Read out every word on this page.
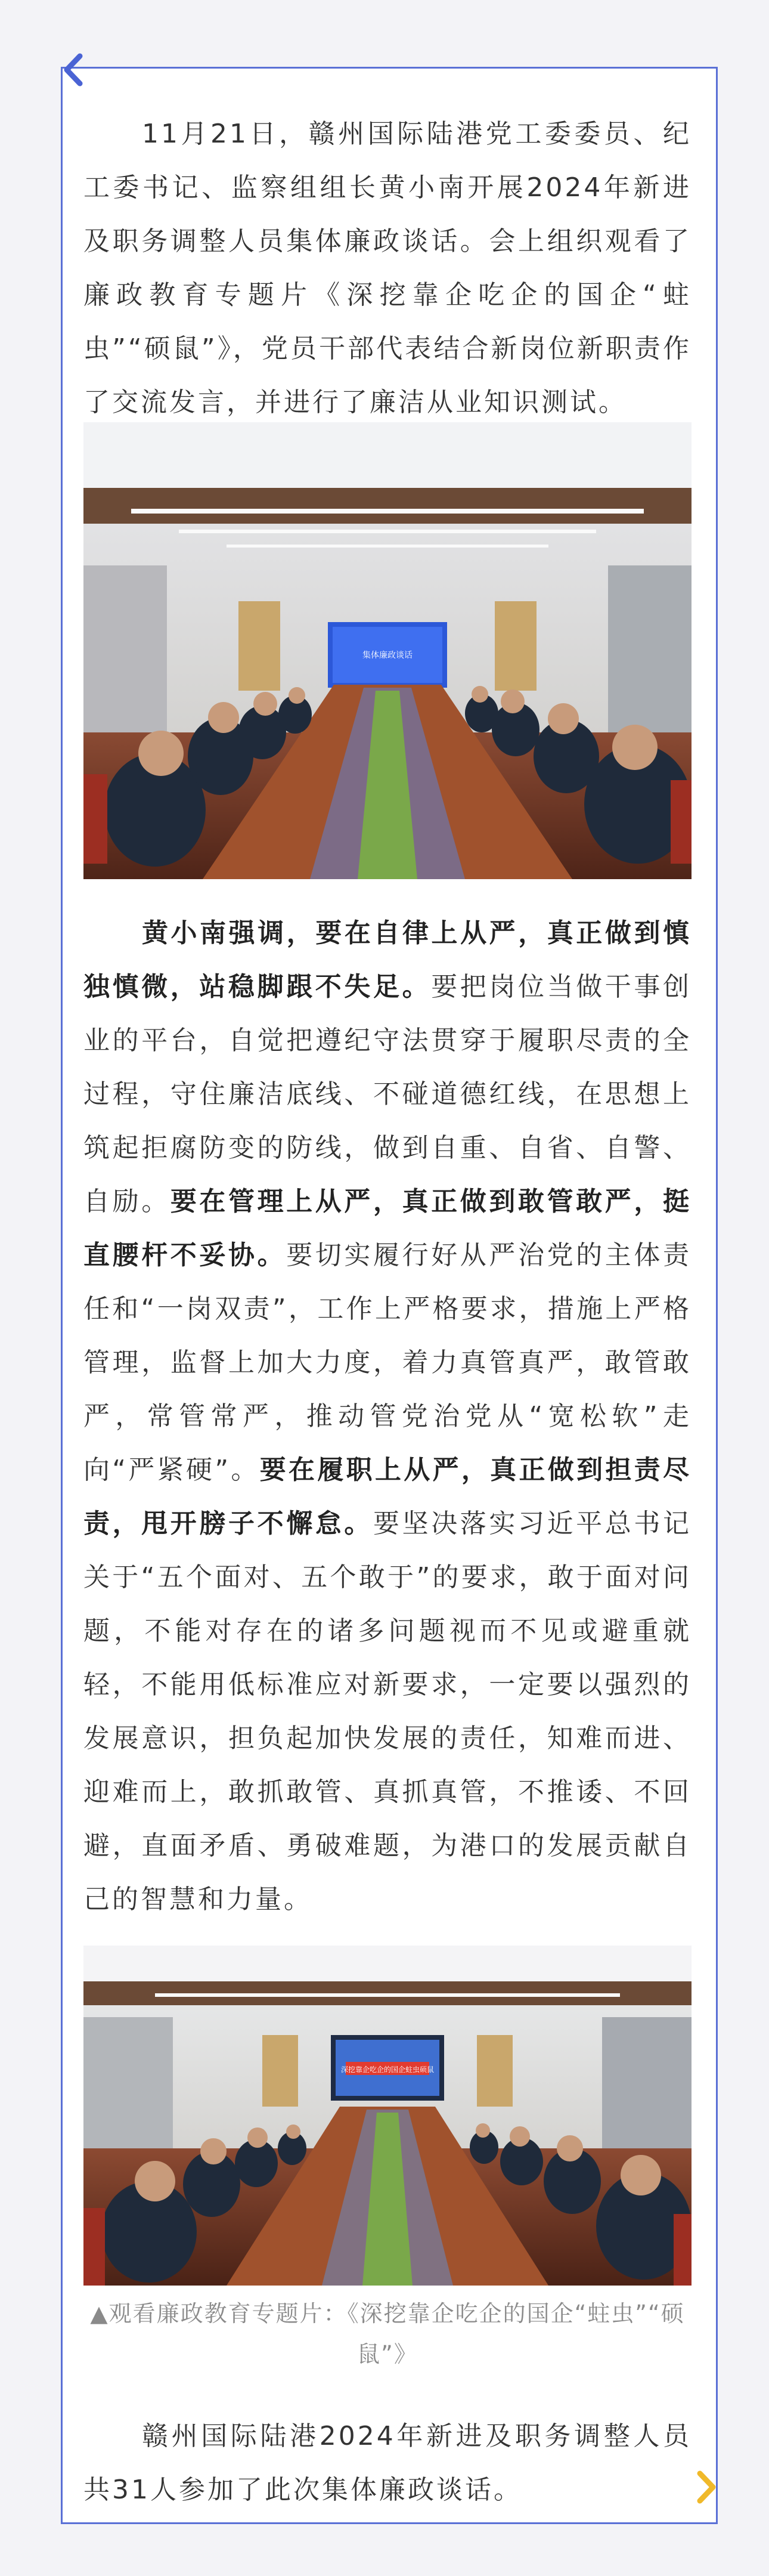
11月21日，赣州国际陆港党工委委员、纪工委书记、监察组组长黄小南开展2024年新进及职务调整人员集体廉政谈话。会上组织观看了廉政教育专题片《深挖靠企吃企的国企“蛀虫”“硕鼠”》，党员干部代表结合新岗位新职责作了交流发言，并进行了廉洁从业知识测试。

集体廉政谈话

黄小南强调，要在自律上从严，真正做到慎独慎微，站稳脚跟不失足。要把岗位当做干事创业的平台，自觉把遵纪守法贯穿于履职尽责的全过程，守住廉洁底线、不碰道德红线，在思想上筑起拒腐防变的防线，做到自重、自省、自警、自励。要在管理上从严，真正做到敢管敢严，挺直腰杆不妥协。要切实履行好从严治党的主体责任和“一岗双责”，工作上严格要求，措施上严格管理，监督上加大力度，着力真管真严，敢管敢严，常管常严，推动管党治党从“宽松软”走向“严紧硬”。要在履职上从严，真正做到担责尽责，甩开膀子不懈怠。要坚决落实习近平总书记关于“五个面对、五个敢于”的要求，敢于面对问题，不能对存在的诸多问题视而不见或避重就轻，不能用低标准应对新要求，一定要以强烈的发展意识，担负起加快发展的责任，知难而进、迎难而上，敢抓敢管、真抓真管，不推诿、不回避，直面矛盾、勇破难题，为港口的发展贡献自己的智慧和力量。

深挖靠企吃企的国企蛀虫硕鼠

▲观看廉政教育专题片：《深挖靠企吃企的国企“蛀虫”“硕鼠”》

赣州国际陆港2024年新进及职务调整人员共31人参加了此次集体廉政谈话。
